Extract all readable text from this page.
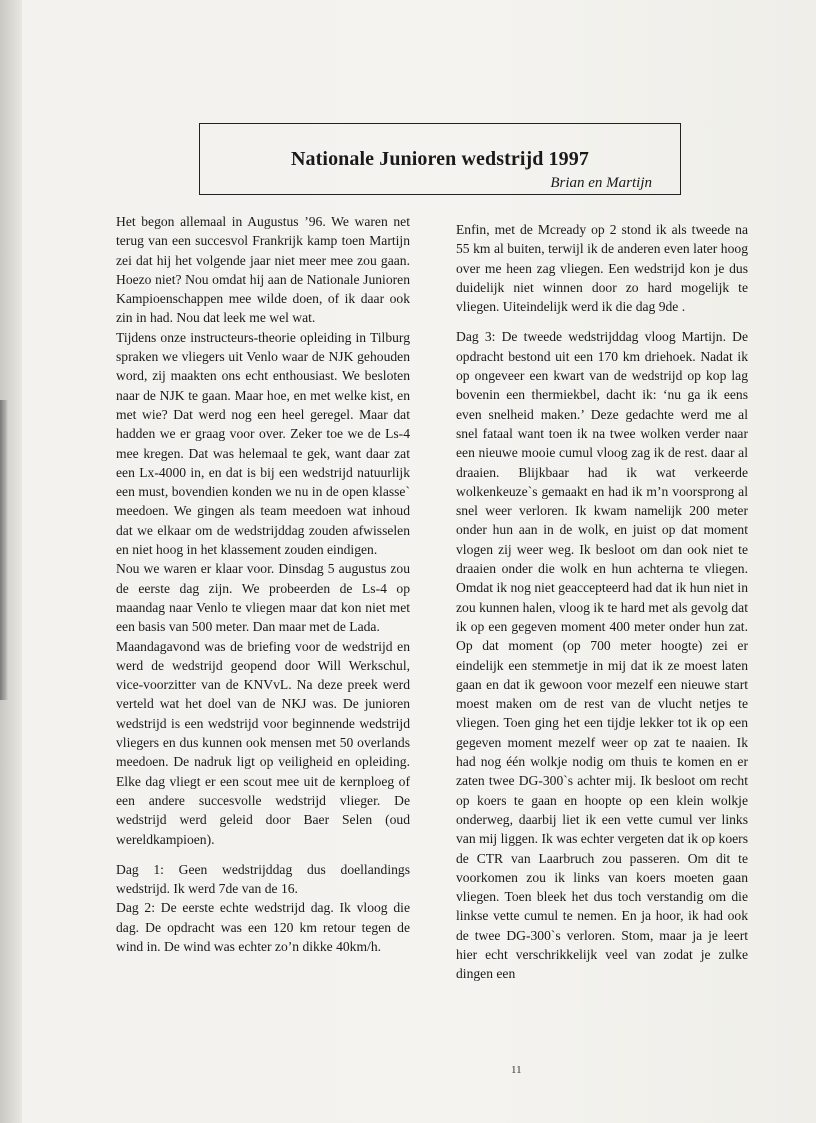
Nationale Junioren wedstrijd 1997
Brian en Martijn

Het begon allemaal in Augustus ’96. We waren net terug van een succesvol Frankrijk kamp toen Martijn zei dat hij het volgende jaar niet meer mee zou gaan. Hoezo niet? Nou omdat hij aan de Nationale Junioren Kampioenschappen mee wilde doen, of ik daar ook zin in had. Nou dat leek me wel wat.

Tijdens onze instructeurs-theorie opleiding in Tilburg spraken we vliegers uit Venlo waar de NJK gehouden word, zij maakten ons echt enthousiast. We besloten naar de NJK te gaan. Maar hoe, en met welke kist, en met wie? Dat werd nog een heel geregel. Maar dat hadden we er graag voor over. Zeker toe we de Ls-4 mee kregen. Dat was helemaal te gek, want daar zat een Lx-4000 in, en dat is bij een wedstrijd natuurlijk een must, bovendien konden we nu in de open klasse` meedoen. We gingen als team meedoen wat inhoud dat we elkaar om de wedstrijddag zouden afwisselen en niet hoog in het klassement zouden eindigen.

Nou we waren er klaar voor. Dinsdag 5 augustus zou de eerste dag zijn. We probeerden de Ls-4 op maandag naar Venlo te vliegen maar dat kon niet met een basis van 500 meter. Dan maar met de Lada.

Maandagavond was de briefing voor de wedstrijd en werd de wedstrijd geopend door Will Werkschul, vice-voorzitter van de KNVvL. Na deze preek werd verteld wat het doel van de NKJ was. De junioren wedstrijd is een wedstrijd voor beginnende wedstrijd vliegers en dus kunnen ook mensen met 50 overlands meedoen. De nadruk ligt op veiligheid en opleiding. Elke dag vliegt er een scout mee uit de kernploeg of een andere succesvolle wedstrijd vlieger. De wedstrijd werd geleid door Baer Selen (oud wereldkampioen).

Dag 1: Geen wedstrijddag dus doellandings wedstrijd. Ik werd 7de van de 16.

Dag 2: De eerste echte wedstrijd dag. Ik vloog die dag. De opdracht was een 120 km retour tegen de wind in. De wind was echter zo’n dikke 40km/h.

Enfin, met de Mcready op 2 stond ik als tweede na 55 km al buiten, terwijl ik de anderen even later hoog over me heen zag vliegen. Een wedstrijd kon je dus duidelijk niet winnen door zo hard mogelijk te vliegen. Uiteindelijk werd ik die dag 9de .

Dag 3: De tweede wedstrijddag vloog Martijn. De opdracht bestond uit een 170 km driehoek. Nadat ik op ongeveer een kwart van de wedstrijd op kop lag bovenin een thermiekbel, dacht ik: ‘nu ga ik eens even snelheid maken.’ Deze gedachte werd me al snel fataal want toen ik na twee wolken verder naar een nieuwe mooie cumul vloog zag ik de rest. daar al draaien. Blijkbaar had ik wat verkeerde wolkenkeuze`s gemaakt en had ik m’n voorsprong al snel weer verloren. Ik kwam namelijk 200 meter onder hun aan in de wolk, en juist op dat moment vlogen zij weer weg. Ik besloot om dan ook niet te draaien onder die wolk en hun achterna te vliegen. Omdat ik nog niet geaccepteerd had dat ik hun niet in zou kunnen halen, vloog ik te hard met als gevolg dat ik op een gegeven moment 400 meter onder hun zat. Op dat moment (op 700 meter hoogte) zei er eindelijk een stemmetje in mij dat ik ze moest laten gaan en dat ik gewoon voor mezelf een nieuwe start moest maken om de rest van de vlucht netjes te vliegen. Toen ging het een tijdje lekker tot ik op een gegeven moment mezelf weer op zat te naaien. Ik had nog één wolkje nodig om thuis te komen en er zaten twee DG-300`s achter mij. Ik besloot om recht op koers te gaan en hoopte op een klein wolkje onderweg, daarbij liet ik een vette cumul ver links van mij liggen. Ik was echter vergeten dat ik op koers de CTR van Laarbruch zou passeren. Om dit te voorkomen zou ik links van koers moeten gaan vliegen. Toen bleek het dus toch verstandig om die linkse vette cumul te nemen. En ja hoor, ik had ook de twee DG-300`s verloren. Stom, maar ja je leert hier echt verschrikkelijk veel van zodat je zulke dingen een

11
